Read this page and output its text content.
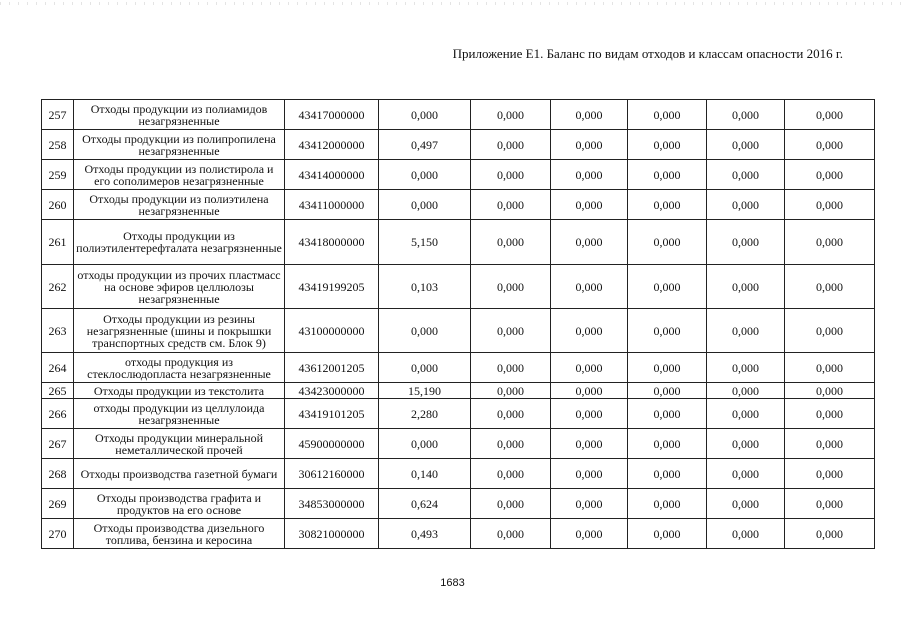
Приложение Е1. Баланс по видам отходов и классам опасности 2016 г.
257	Отходы продукции из полиамидов незагрязненные	43417000000	0,000	0,000	0,000	0,000	0,000	0,000
258	Отходы продукции из полипропилена незагрязненные	43412000000	0,497	0,000	0,000	0,000	0,000	0,000
259	Отходы продукции из полистирола и его сополимеров незагрязненные	43414000000	0,000	0,000	0,000	0,000	0,000	0,000
260	Отходы продукции из полиэтилена незагрязненные	43411000000	0,000	0,000	0,000	0,000	0,000	0,000
261	Отходы продукции из полиэтилентерефталата незагрязненные	43418000000	5,150	0,000	0,000	0,000	0,000	0,000
262	отходы продукции из прочих пластмасс на основе эфиров целлюлозы незагрязненные	43419199205	0,103	0,000	0,000	0,000	0,000	0,000
263	Отходы продукции из резины незагрязненные (шины и покрышки транспортных средств см. Блок 9)	43100000000	0,000	0,000	0,000	0,000	0,000	0,000
264	отходы продукция из стеклослюдопласта незагрязненные	43612001205	0,000	0,000	0,000	0,000	0,000	0,000
265	Отходы продукции из текстолита	43423000000	15,190	0,000	0,000	0,000	0,000	0,000
266	отходы продукции из целлулоида незагрязненные	43419101205	2,280	0,000	0,000	0,000	0,000	0,000
267	Отходы продукции минеральной неметаллической прочей	45900000000	0,000	0,000	0,000	0,000	0,000	0,000
268	Отходы производства газетной бумаги	30612160000	0,140	0,000	0,000	0,000	0,000	0,000
269	Отходы производства графита и продуктов на его основе	34853000000	0,624	0,000	0,000	0,000	0,000	0,000
270	Отходы производства дизельного топлива, бензина и керосина	30821000000	0,493	0,000	0,000	0,000	0,000	0,000
1683
